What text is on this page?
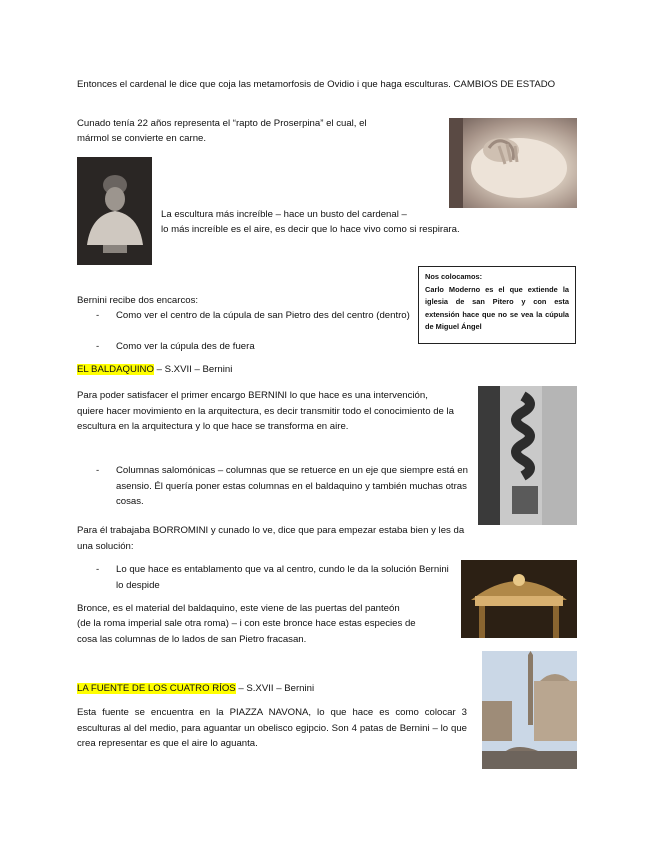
Entonces el cardenal le dice que coja las metamorfosis de Ovidio i que haga esculturas. CAMBIOS DE ESTADO
Cunado tenía 22 años representa el “rapto de Proserpina” el cual, el
mármol se convierte en carne.
La escultura más increíble – hace un busto del cardenal –
lo más increíble es el aire, es decir que lo hace vivo como si respirara.
Nos colocamos:
Carlo Moderno es el que extiende la iglesia de san Pitero y con esta extensión hace que no se vea la cúpula de Miguel Ángel
Bernini recibe dos encarcos:
- Como ver el centro de la cúpula de san Pietro des del centro (dentro)
- Como ver la cúpula des de fuera
EL BALDAQUINO – S.XVII – Bernini
Para poder satisfacer el primer encargo BERNINI lo que hace es una intervención, quiere hacer movimiento en la arquitectura, es decir transmitir todo el conocimiento de la escultura en la arquitectura y lo que hace se transforma en aire.
- Columnas salomónicas – columnas que se retuerce en un eje que siempre está en asensio. Él quería poner estas columnas en el baldaquino y también muchas otras cosas.
Para él trabajaba BORROMINI y cunado lo ve, dice que para empezar estaba bien y les da una solución:
- Lo que hace es entablamento que va al centro, cundo le da la solución Bernini lo despide
Bronce, es el material del baldaquino, este viene de las puertas del panteón
(de la roma imperial sale otra roma) – i con este bronce hace estas especies de
cosa las columnas de lo lados de san Pietro fracasan.
LA FUENTE DE LOS CUATRO RÍOS – S.XVII – Bernini
Esta fuente se encuentra en la PIAZZA NAVONA, lo que hace es como colocar 3 esculturas al del medio, para aguantar un obelisco egipcio. Son 4 patas de Bernini – lo que crea representar es que el aire lo aguanta.
